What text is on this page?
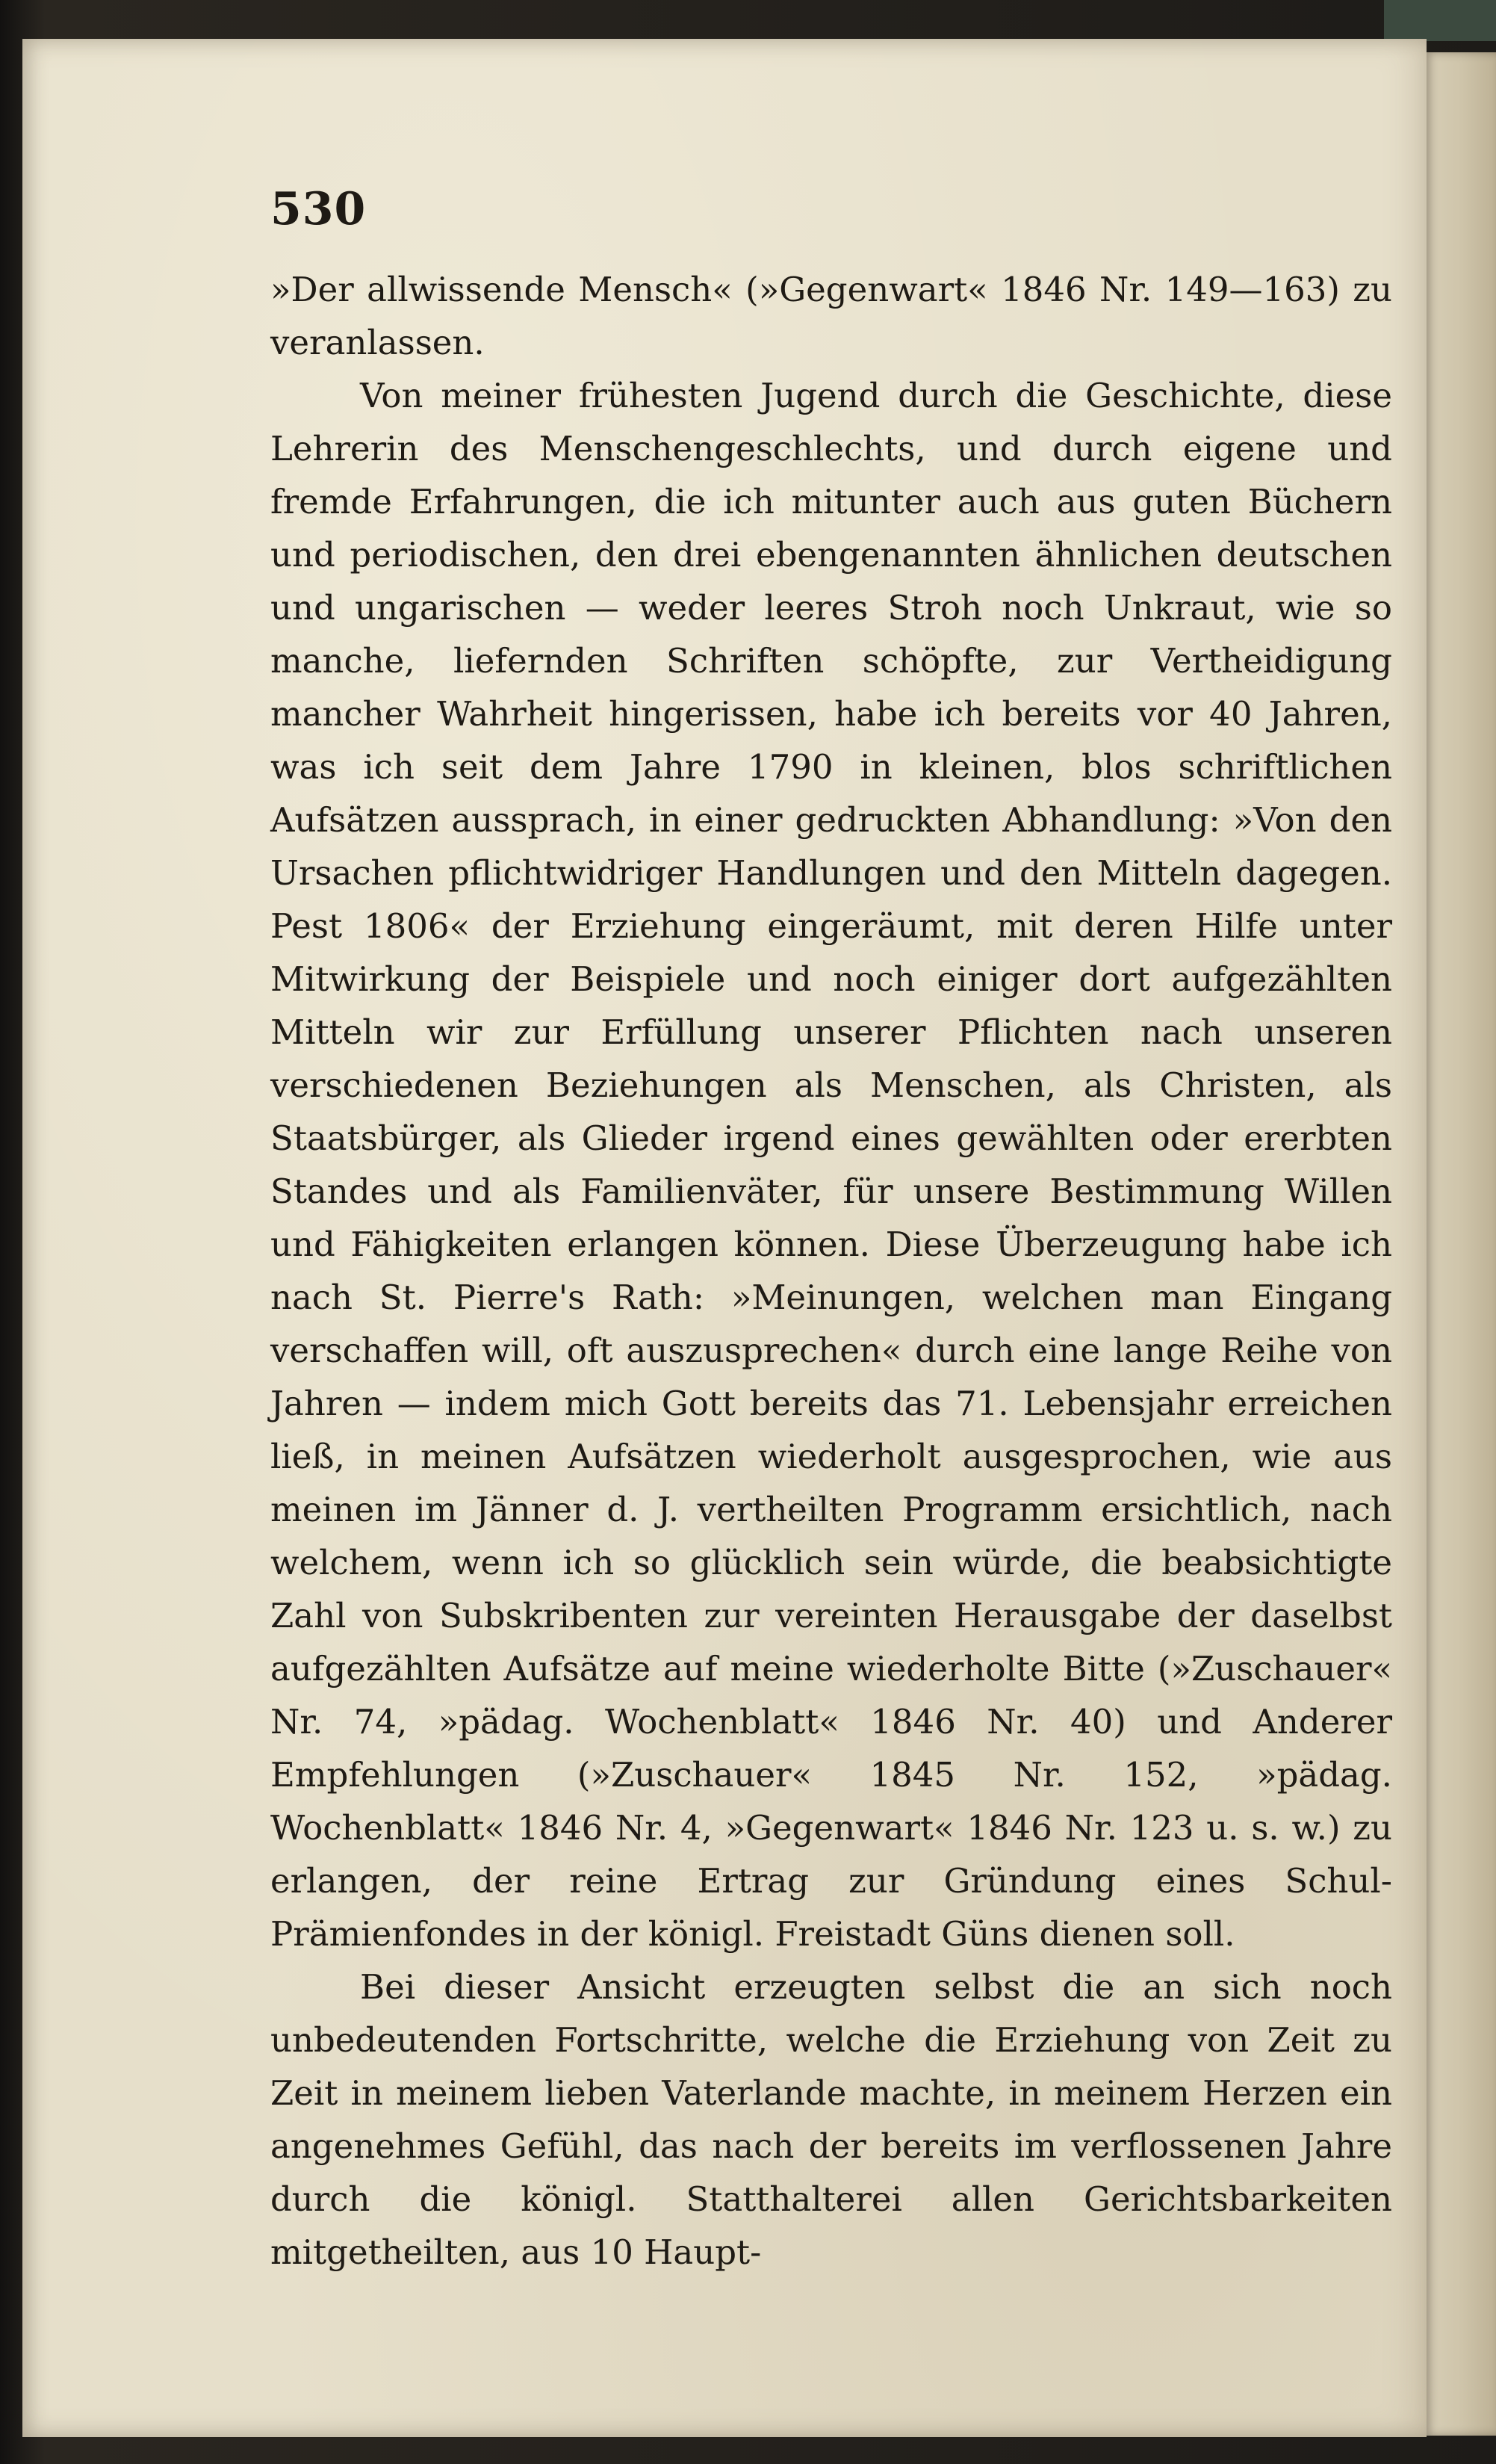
530

»Der allwissende Mensch« (»Gegenwart« 1846 Nr. 149—163) zu veranlassen.

Von meiner frühesten Jugend durch die Geschichte, diese Lehrerin des Menschengeschlechts, und durch eigene und fremde Erfahrungen, die ich mitunter auch aus guten Büchern und periodischen, den drei ebengenannten ähnlichen deutschen und ungarischen — weder leeres Stroh noch Unkraut, wie so manche, liefernden Schriften schöpfte, zur Vertheidigung mancher Wahrheit hingerissen, habe ich bereits vor 40 Jahren, was ich seit dem Jahre 1790 in kleinen, blos schriftlichen Aufsätzen aussprach, in einer gedruckten Abhandlung: »Von den Ursachen pflichtwidriger Handlungen und den Mitteln dagegen. Pest 1806« der Erziehung eingeräumt, mit deren Hilfe unter Mitwirkung der Beispiele und noch einiger dort aufgezählten Mitteln wir zur Erfüllung unserer Pflichten nach unseren verschiedenen Beziehungen als Menschen, als Christen, als Staatsbürger, als Glieder irgend eines gewählten oder ererbten Standes und als Familienväter, für unsere Bestimmung Willen und Fähigkeiten erlangen können. Diese Überzeugung habe ich nach St. Pierre's Rath: »Meinungen, welchen man Eingang verschaffen will, oft auszusprechen« durch eine lange Reihe von Jahren — indem mich Gott bereits das 71. Lebensjahr erreichen ließ, in meinen Aufsätzen wiederholt ausgesprochen, wie aus meinen im Jänner d. J. vertheilten Programm ersichtlich, nach welchem, wenn ich so glücklich sein würde, die beabsichtigte Zahl von Subskribenten zur vereinten Herausgabe der daselbst aufgezählten Aufsätze auf meine wiederholte Bitte (»Zuschauer« Nr. 74, »pädag. Wochenblatt« 1846 Nr. 40) und Anderer Empfehlungen (»Zuschauer« 1845 Nr. 152, »pädag. Wochenblatt« 1846 Nr. 4, »Gegenwart« 1846 Nr. 123 u. s. w.) zu erlangen, der reine Ertrag zur Gründung eines Schul-Prämienfondes in der königl. Freistadt Güns dienen soll.

Bei dieser Ansicht erzeugten selbst die an sich noch unbedeutenden Fortschritte, welche die Erziehung von Zeit zu Zeit in meinem lieben Vaterlande machte, in meinem Herzen ein angenehmes Gefühl, das nach der bereits im verflossenen Jahre durch die königl. Statthalterei allen Gerichtsbarkeiten mitgetheilten, aus 10 Haupt-
